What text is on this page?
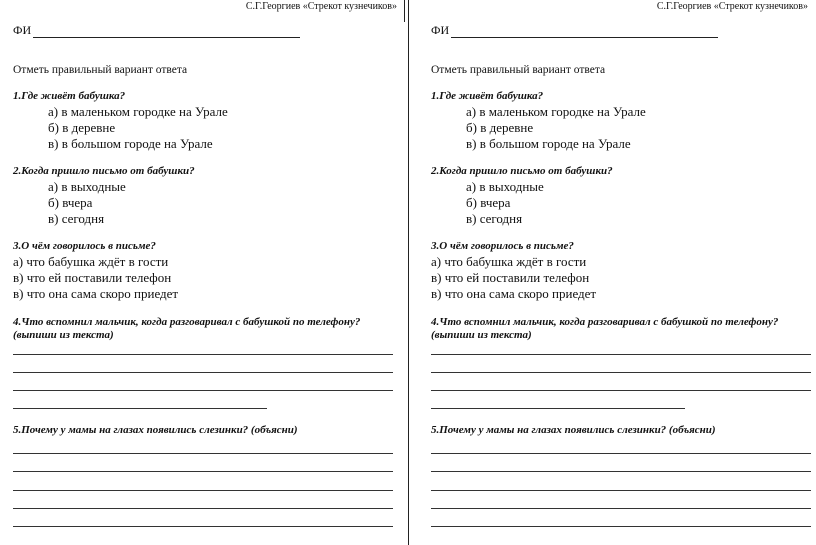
С.Г.Георгиев «Стрекот кузнечиков»
ФИ
Отметь правильный вариант ответа
1.Где живёт бабушка?
а) в маленьком городке на Урале
б) в деревне
в) в большом городе на Урале
2.Когда пришло письмо от бабушки?
а) в выходные
б) вчера
в) сегодня
3.О чём говорилось в письме?
а) что бабушка ждёт в гости
в) что ей поставили телефон
в) что она сама скоро приедет
4.Что вспомнил мальчик, когда разговаривал с бабушкой по телефону?
(выпиши из текста)
5.Почему у мамы на глазах появились слезинки? (объясни)
С.Г.Георгиев «Стрекот кузнечиков»
ФИ
Отметь правильный вариант ответа
1.Где живёт бабушка?
а) в маленьком городке на Урале
б) в деревне
в) в большом городе на Урале
2.Когда пришло письмо от бабушки?
а) в выходные
б) вчера
в) сегодня
3.О чём говорилось в письме?
а) что бабушка ждёт в гости
в) что ей поставили телефон
в) что она сама скоро приедет
4.Что вспомнил мальчик, когда разговаривал с бабушкой по телефону?
(выпиши из текста)
5.Почему у мамы на глазах появились слезинки? (объясни)
